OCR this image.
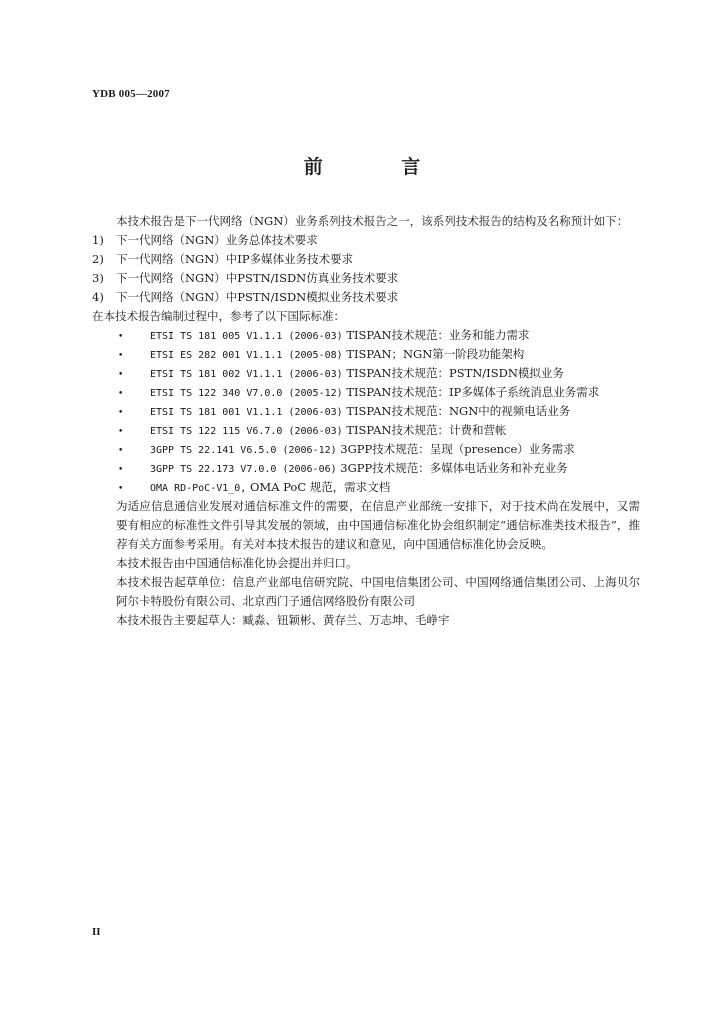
YDB 005—2007
前 言
本技术报告是下一代网络（NGN）业务系列技术报告之一，该系列技术报告的结构及名称预计如下：
1) 下一代网络（NGN）业务总体技术要求
2) 下一代网络（NGN）中IP多媒体业务技术要求
3) 下一代网络（NGN）中PSTN/ISDN仿真业务技术要求
4) 下一代网络（NGN）中PSTN/ISDN模拟业务技术要求
在本技术报告编制过程中，参考了以下国际标准：
•	ETSI TS 181 005 V1.1.1 (2006-03) TISPAN技术规范：业务和能力需求
•	ETSI ES 282 001 V1.1.1 (2005-08) TISPAN；NGN第一阶段功能架构
•	ETSI TS 181 002 V1.1.1 (2006-03) TISPAN技术规范：PSTN/ISDN模拟业务
•	ETSI TS 122 340 V7.0.0 (2005-12) TISPAN技术规范：IP多媒体子系统消息业务需求
•	ETSI TS 181 001 V1.1.1 (2006-03) TISPAN技术规范：NGN中的视频电话业务
•	ETSI TS 122 115 V6.7.0 (2006-03) TISPAN技术规范：计费和营帐
•	3GPP TS 22.141 V6.5.0 (2006-12) 3GPP技术规范：呈现（presence）业务需求
•	3GPP TS 22.173 V7.0.0 (2006-06) 3GPP技术规范：多媒体电话业务和补充业务
•	OMA RD-PoC-V1_0, OMA PoC 规范，需求文档
为适应信息通信业发展对通信标准文件的需要，在信息产业部统一安排下，对于技术尚在发展中，又需要有相应的标准性文件引导其发展的领域，由中国通信标准化协会组织制定“通信标准类技术报告”，推荐有关方面参考采用。有关对本技术报告的建议和意见，向中国通信标准化协会反映。
本技术报告由中国通信标准化协会提出并归口。
本技术报告起草单位：信息产业部电信研究院、中国电信集团公司、中国网络通信集团公司、上海贝尔阿尔卡特股份有限公司、北京西门子通信网络股份有限公司
本技术报告主要起草人：臧淼、钮颖彬、黄存兰、万志坤、毛峥宇
II
